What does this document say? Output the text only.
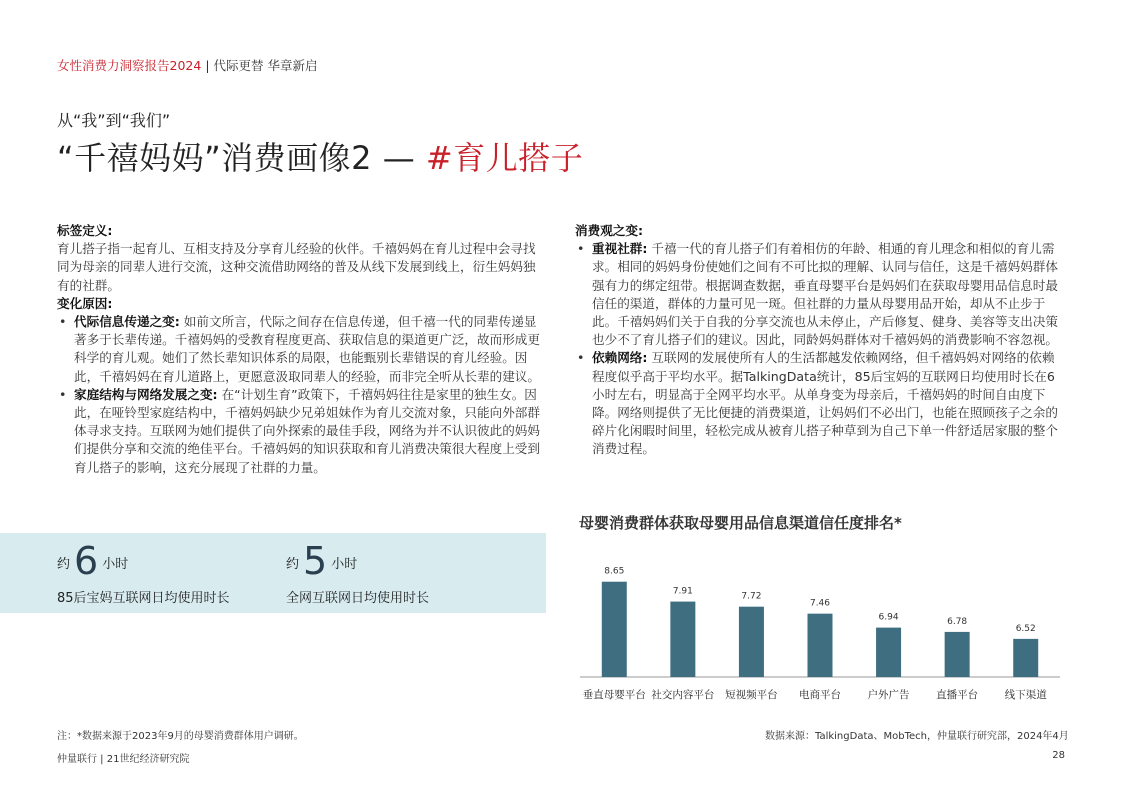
女性消费力洞察报告2024 | 代际更替 华章新启
从“我”到“我们”
“千禧妈妈”消费画像2 — #育儿搭子
标签定义:

育儿搭子指一起育儿、互相支持及分享育儿经验的伙伴。千禧妈妈在育儿过程中会寻找同为母亲的同辈人进行交流，这种交流借助网络的普及从线下发展到线上，衍生妈妈独有的社群。

变化原因:
• 代际信息传递之变: 如前文所言，代际之间存在信息传递，但千禧一代的同辈传递显著多于长辈传递。千禧妈妈的受教育程度更高、获取信息的渠道更广泛，故而形成更科学的育儿观。她们了然长辈知识体系的局限，也能甄别长辈错误的育儿经验。因此，千禧妈妈在育儿道路上，更愿意汲取同辈人的经验，而非完全听从长辈的建议。
• 家庭结构与网络发展之变: 在“计划生育”政策下，千禧妈妈往往是家里的独生女。因此，在哑铃型家庭结构中，千禧妈妈缺少兄弟姐妹作为育儿交流对象，只能向外部群体寻求支持。互联网为她们提供了向外探索的最佳手段，网络为并不认识彼此的妈妈们提供分享和交流的绝佳平台。千禧妈妈的知识获取和育儿消费决策很大程度上受到育儿搭子的影响，这充分展现了社群的力量。
消费观之变:
• 重视社群: 千禧一代的育儿搭子们有着相仿的年龄、相通的育儿理念和相似的育儿需求。相同的妈妈身份使她们之间有不可比拟的理解、认同与信任，这是千禧妈妈群体强有力的绑定纽带。根据调查数据，垂直母婴平台是妈妈们在获取母婴用品信息时最信任的渠道，群体的力量可见一斑。但社群的力量从母婴用品开始，却从不止步于此。千禧妈妈们关于自我的分享交流也从未停止，产后修复、健身、美容等支出决策也少不了育儿搭子们的建议。因此，同龄妈妈群体对千禧妈妈的消费影响不容忽视。
• 依赖网络: 互联网的发展使所有人的生活都越发依赖网络，但千禧妈妈对网络的依赖程度似乎高于平均水平。据TalkingData统计，85后宝妈的互联网日均使用时长在6小时左右，明显高于全网平均水平。从单身变为母亲后，千禧妈妈的时间自由度下降。网络则提供了无比便捷的消费渠道，让妈妈们不必出门，也能在照顾孩子之余的碎片化闲暇时间里，轻松完成从被育儿搭子种草到为自己下单一件舒适居家服的整个消费过程。
约 6 小时
85后宝妈互联网日均使用时长
约 5 小时
全网互联网日均使用时长
母婴消费群体获取母婴用品信息渠道信任度排名*
8.65
垂直母婴平台
7.91
社交内容平台
7.72
短视频平台
7.46
电商平台
6.94
户外广告
6.78
直播平台
6.52
线下渠道
注：*数据来源于2023年9月的母婴消费群体用户调研。	数据来源：TalkingData、MobTech，仲量联行研究部，2024年4月
仲量联行 | 21世纪经济研究院	28
